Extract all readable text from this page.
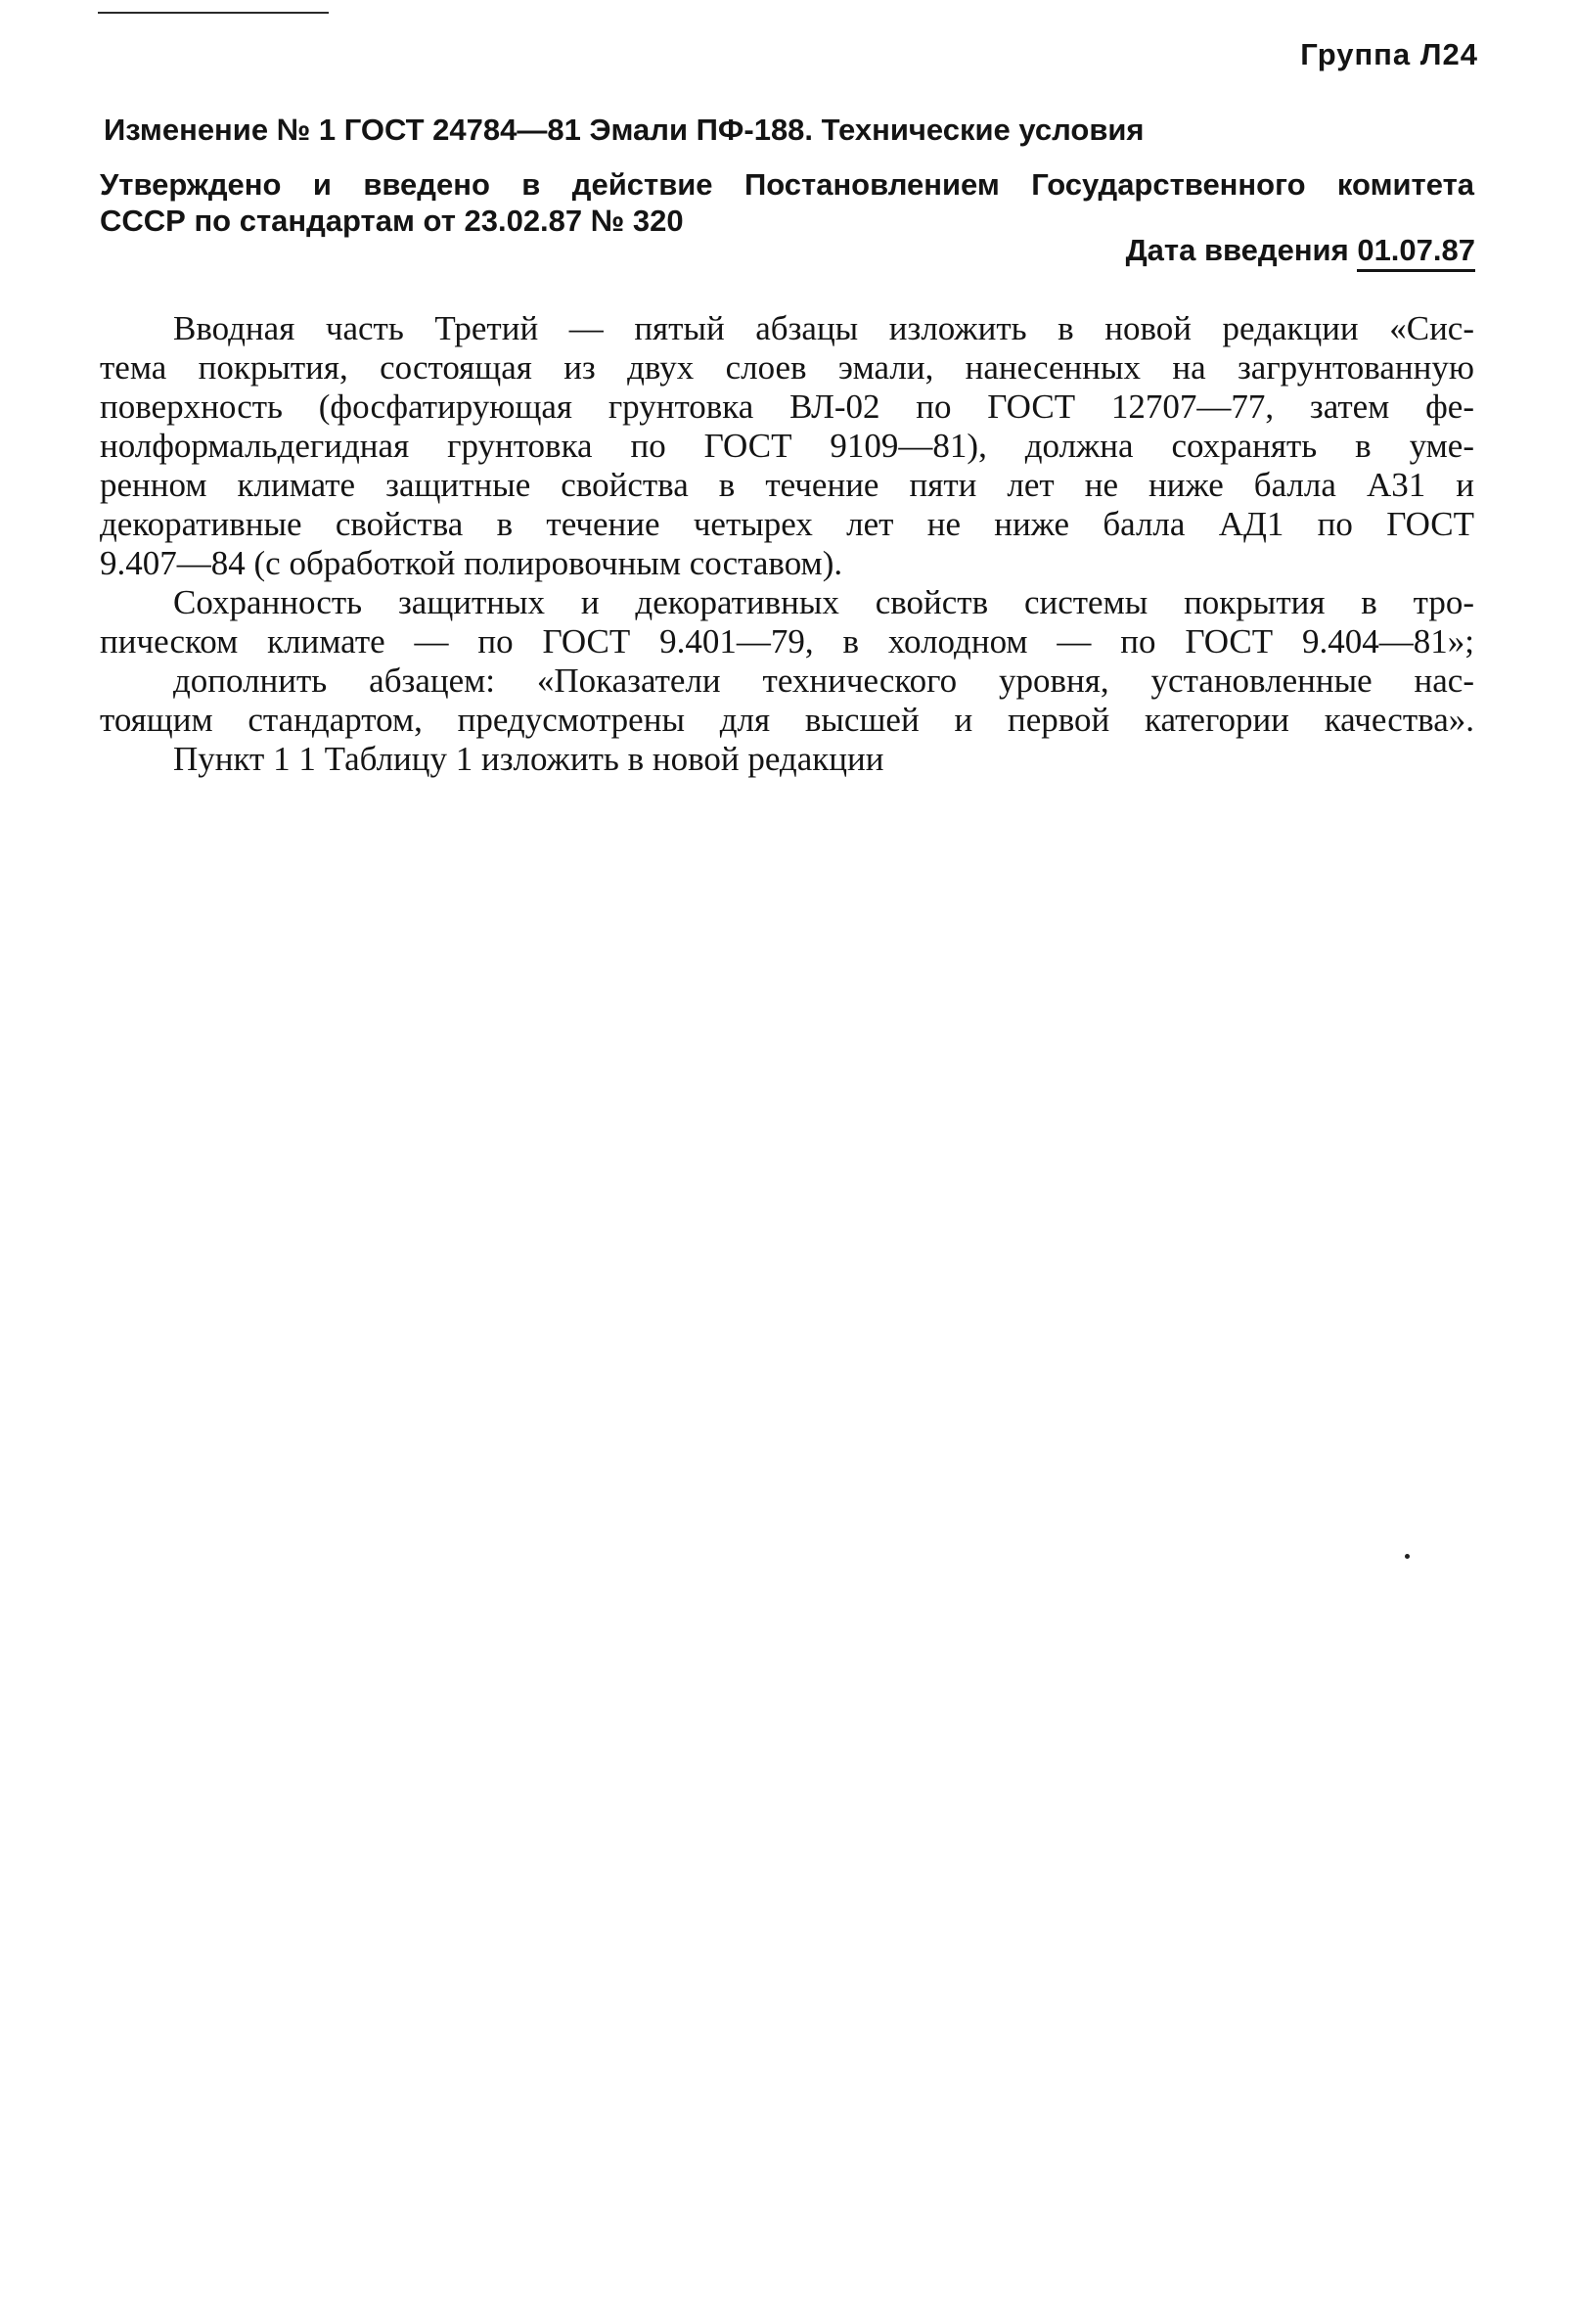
Группа Л24
Изменение № 1 ГОСТ 24784—81 Эмали ПФ-188. Технические условия
Утверждено и введено в действие Постановлением Государственного комитета
СССР по стандартам от 23.02.87 № 320
Дата введения 01.07.87
Вводная часть Третий — пятый абзацы изложить в новой редакции «Сис-
тема покрытия, состоящая из двух слоев эмали, нанесенных на загрунтованную
поверхность (фосфатирующая грунтовка ВЛ-02 по ГОСТ 12707—77, затем фе-
нолформальдегидная грунтовка по ГОСТ 9109—81), должна сохранять в уме-
ренном климате защитные свойства в течение пяти лет не ниже балла А31 и
декоративные свойства в течение четырех лет не ниже балла АД1 по ГОСТ
9.407—84 (с обработкой полировочным составом).
Сохранность защитных и декоративных свойств системы покрытия в тро-
пическом климате — по ГОСТ 9.401—79, в холодном — по ГОСТ 9.404—81»;
дополнить абзацем: «Показатели технического уровня, установленные нас-
тоящим стандартом, предусмотрены для высшей и первой категории качества».
Пункт 1 1 Таблицу 1 изложить в новой редакции
